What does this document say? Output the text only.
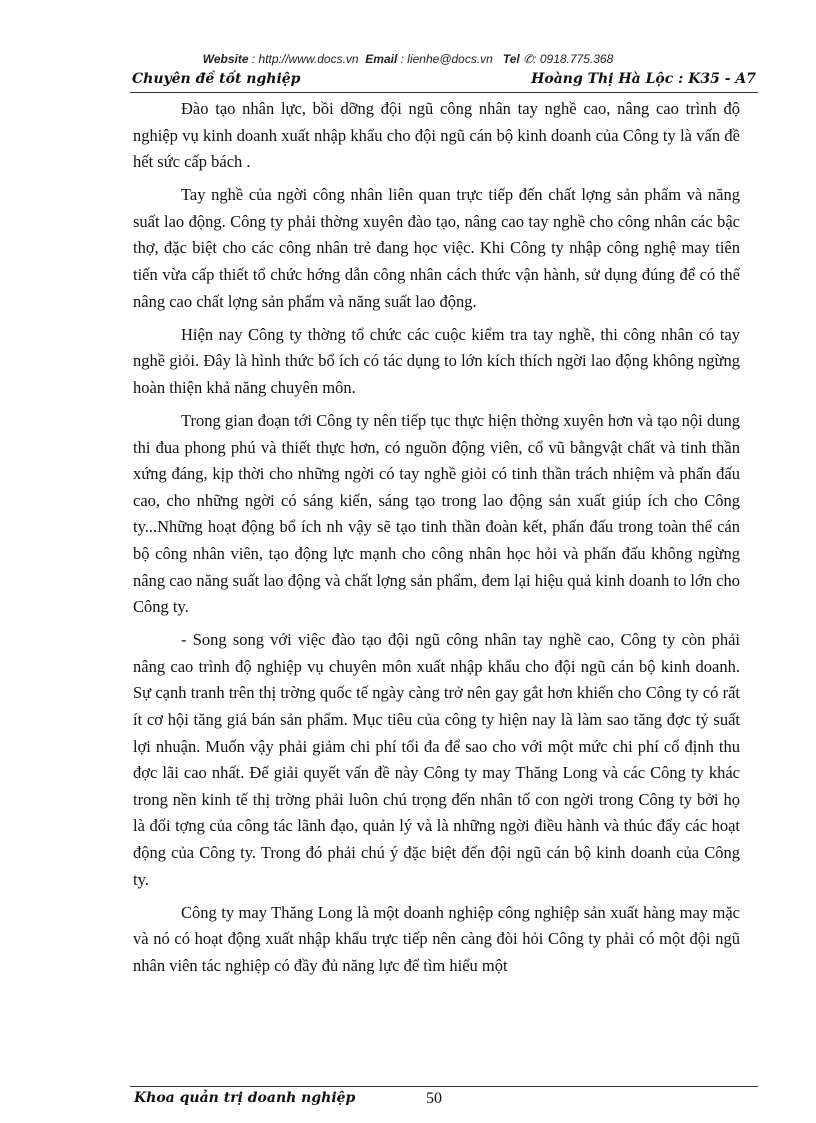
Website : http://www.docs.vn Email : lienhe@docs.vn Tel ✆: 0918.775.368
Chuyên đề tốt nghiệp	Hoàng Thị Hà Lộc : K35 - A7

Đào tạo nhân lực, bồi dỡng đội ngũ công nhân tay nghề cao, nâng cao trình độ nghiệp vụ kinh doanh xuất nhập khẩu cho đội ngũ cán bộ kinh doanh của Công ty là vấn đề hết sức cấp bách .

Tay nghề của ngời công nhân liên quan trực tiếp đến chất lợng sản phẩm và năng suất lao động. Công ty phải thờng xuyên đào tạo, nâng cao tay nghề cho công nhân các bậc thợ, đặc biệt cho các công nhân trẻ đang học việc. Khi Công ty nhập công nghệ may tiên tiến vừa cấp thiết tổ chức hớng dẫn công nhân cách thức vận hành, sử dụng đúng để có thể nâng cao chất lợng sản phẩm và năng suất lao động.

Hiện nay Công ty thờng tổ chức các cuộc kiểm tra tay nghề, thi công nhân có tay nghề giỏi. Đây là hình thức bổ ích có tác dụng to lớn kích thích ngời lao động không ngừng hoàn thiện khả năng chuyên môn.

Trong gian đoạn tới Công ty nên tiếp tục thực hiện thờng xuyên hơn và tạo nội dung thi đua phong phú và thiết thực hơn, có nguồn động viên, cổ vũ bằngvật chất và tinh thần xứng đáng, kịp thời cho những ngời có tay nghề giỏi có tinh thần trách nhiệm và phấn đấu cao, cho những ngời có sáng kiến, sáng tạo trong lao động sản xuất giúp ích cho Công ty...Những hoạt động bổ ích nh vậy sẽ tạo tinh thần đoàn kết, phấn đấu trong toàn thể cán bộ công nhân viên, tạo động lực mạnh cho công nhân học hỏi và phấn đấu không ngừng nâng cao năng suất lao động và chất lợng sản phẩm, đem lại hiệu quả kinh doanh to lớn cho Công ty.

- Song song với việc đào tạo đội ngũ công nhân tay nghề cao, Công ty còn phải nâng cao trình độ nghiệp vụ chuyên môn xuất nhập khẩu cho đội ngũ cán bộ kinh doanh. Sự cạnh tranh trên thị trờng quốc tế ngày càng trở nên gay gắt hơn khiến cho Công ty có rất ít cơ hội tăng giá bán sản phẩm. Mục tiêu của công ty hiện nay là làm sao tăng đợc tỷ suất lợi nhuận. Muốn vậy phải giảm chi phí tối đa để sao cho với một mức chi phí cố định thu đợc lãi cao nhất. Để giải quyết vấn đề này Công ty may Thăng Long và các Công ty khác trong nền kinh tế thị trờng phải luôn chú trọng đến nhân tố con ngời trong Công ty bởi họ là đối tợng của công tác lãnh đạo, quản lý và là những ngời điều hành và thúc đẩy các hoạt động của Công ty. Trong đó phải chú ý đặc biệt đến đội ngũ cán bộ kinh doanh của Công ty.

Công ty may Thăng Long là một doanh nghiệp công nghiệp sản xuất hàng may mặc và nó có hoạt động xuất nhập khẩu trực tiếp nên càng đòi hỏi Công ty phải có một đội ngũ nhân viên tác nghiệp có đầy đủ năng lực để tìm hiểu một

Khoa quản trị doanh nghiệp	50
